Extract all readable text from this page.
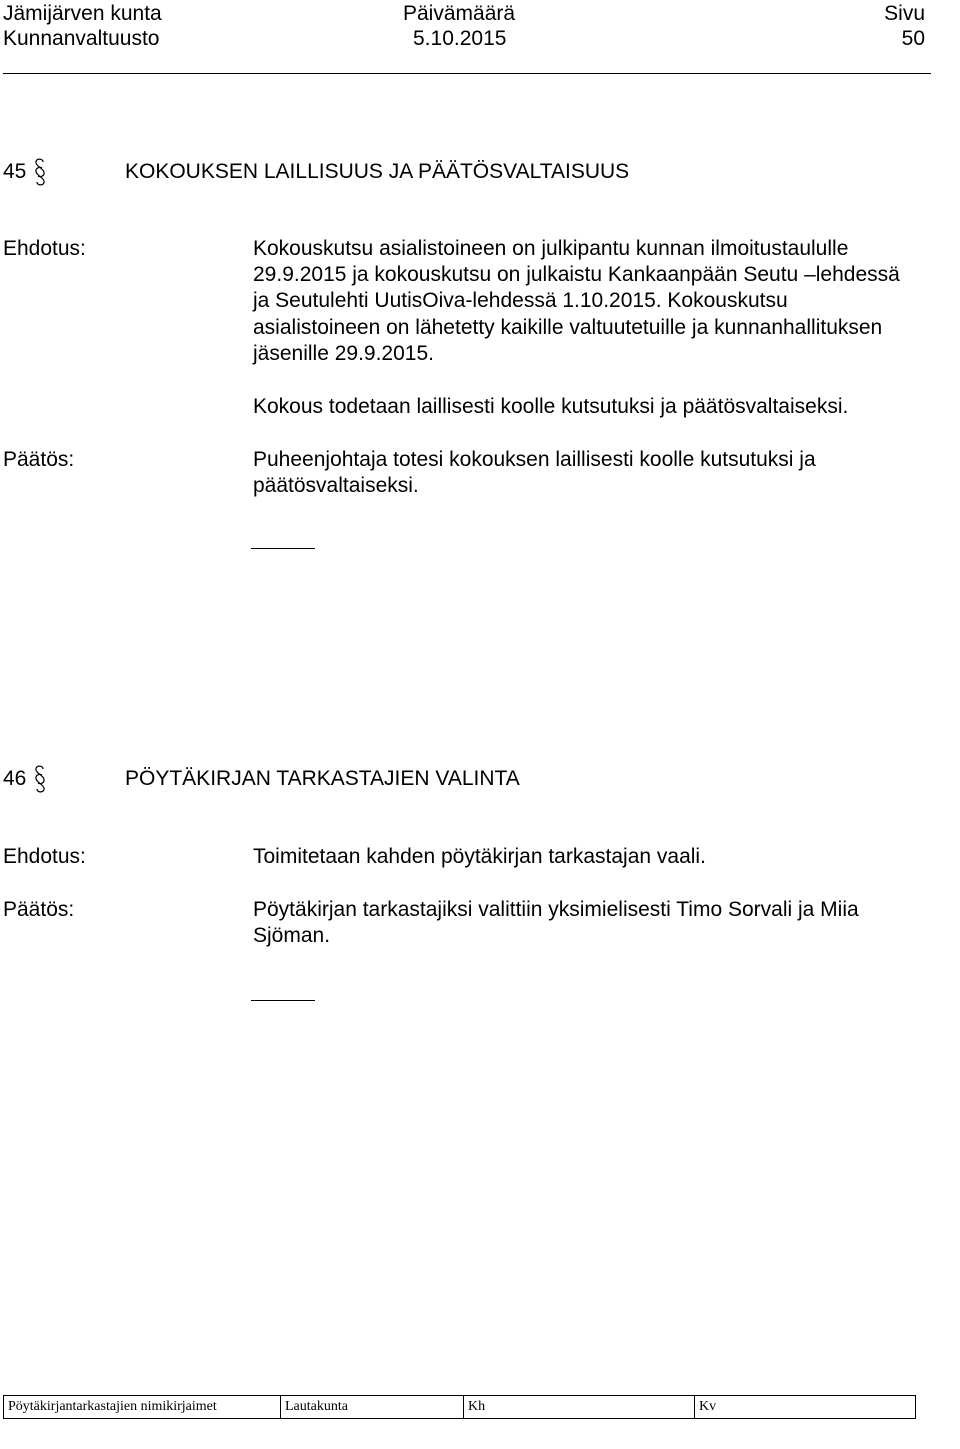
Jämijärven kunta
Kunnanvaltuusto
Päivämäärä
5.10.2015
Sivu
50
45	KOKOUKSEN LAILLISUUS JA PÄÄTÖSVALTAISUUS
Ehdotus:	Kokouskutsu asialistoineen on julkipantu kunnan ilmoitustaululle
29.9.2015 ja kokouskutsu on julkaistu Kankaanpään Seutu –lehdessä
ja Seutulehti UutisOiva-lehdessä 1.10.2015. Kokouskutsu
asialistoineen on lähetetty kaikille valtuutetuille ja kunnanhallituksen
jäsenille 29.9.2015.
Kokous todetaan laillisesti koolle kutsutuksi ja päätösvaltaiseksi.
Päätös:	Puheenjohtaja totesi kokouksen laillisesti koolle kutsutuksi ja
päätösvaltaiseksi.
46	PÖYTÄKIRJAN TARKASTAJIEN VALINTA
Ehdotus:	Toimitetaan kahden pöytäkirjan tarkastajan vaali.
Päätös:	Pöytäkirjan tarkastajiksi valittiin yksimielisesti Timo Sorvali ja Miia
Sjöman.
Pöytäkirjantarkastajien nimikirjaimet	Lautakunta	Kh	Kv
